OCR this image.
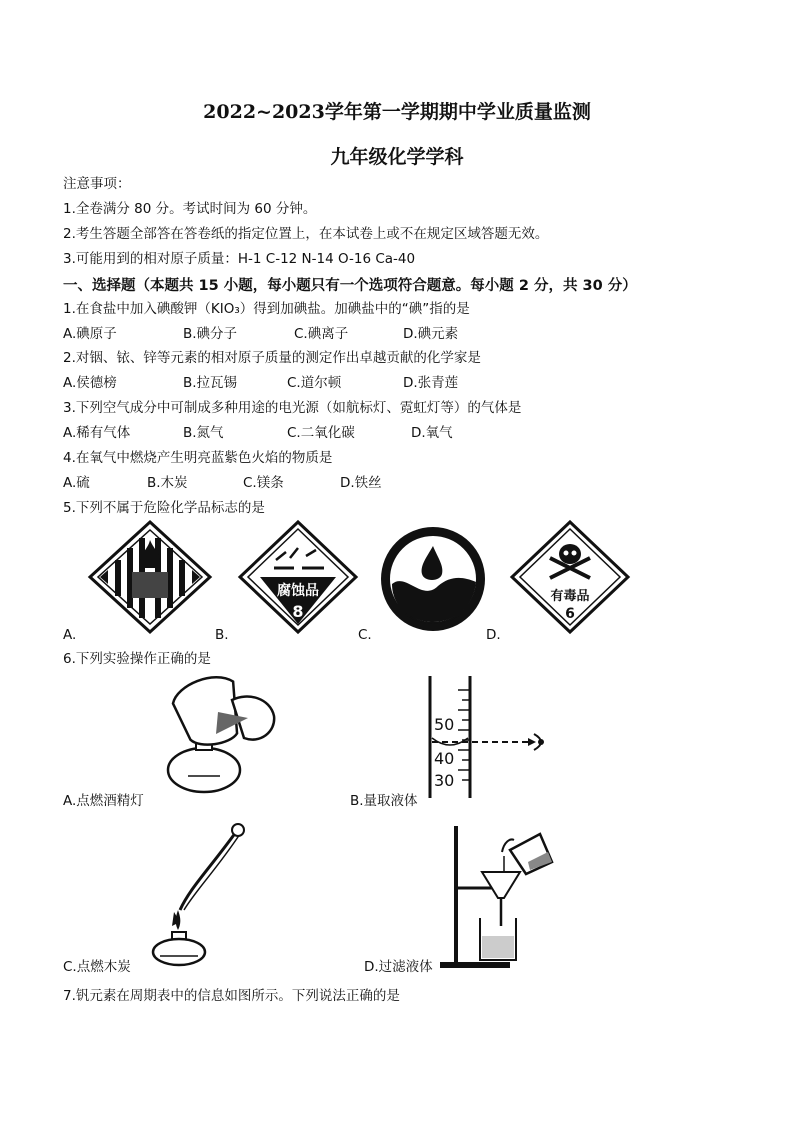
2022~2023学年第一学期期中学业质量监测
九年级化学学科
注意事项：
1.全卷满分 80 分。考试时间为 60 分钟。
2.考生答题全部答在答卷纸的指定位置上，在本试卷上或不在规定区域答题无效。
3.可能用到的相对原子质量：H-1 C-12 N-14 O-16 Ca-40
一、选择题（本题共 15 小题，每小题只有一个选项符合题意。每小题 2 分，共 30 分）
1.在食盐中加入碘酸钾（KIO₃）得到加碘盐。加碘盐中的“碘”指的是
A.碘原子	B.碘分子	C.碘离子	D.碘元素
2.对铟、铱、锌等元素的相对原子质量的测定作出卓越贡献的化学家是
A.侯德榜	B.拉瓦锡	C.道尔顿	D.张青莲
3.下列空气成分中可制成多种用途的电光源（如航标灯、霓虹灯等）的气体是
A.稀有气体	B.氮气	C.二氧化碳	D.氧气
4.在氧气中燃烧产生明亮蓝紫色火焰的物质是
A.硫	B.木炭	C.镁条	D.铁丝
5.下列不属于危险化学品标志的是
A.
腐蚀品
8
B.	C.
有毒品
6
D.
6.下列实验操作正确的是
A.点燃酒精灯
50
40
30
B.量取液体
C.点燃木炭	D.过滤液体
7.钒元素在周期表中的信息如图所示。下列说法正确的是
